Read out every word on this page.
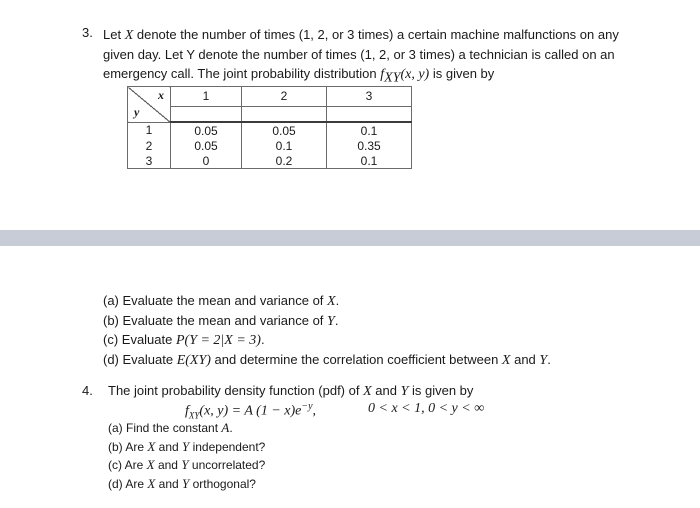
3. Let X denote the number of times (1, 2, or 3 times) a certain machine malfunctions on any
given day. Let Y denote the number of times (1, 2, or 3 times) a technician is called on an
emergency call. The joint probability distribution $f_{XY}(x$, y) is given by
x
y	1	2	3

1	0.05	0.05	0.1
2	0.05	0.1	0.35
3	0	0.2	0.1
(a) Evaluate the mean and variance of X.
(b) Evaluate the mean and variance of Y.
(c) Evaluate P(Y = 2|X = 3).
(d) Evaluate E(XY) and determine the correlation coefficient between X and Y.
4. The joint probability density function (pdf) of X and Y is given by
$f_{XY}(x$, y) = A $(1 - x)e^{-y}$,	0 < x < 1, 0 < y < ∞
(a) Find the constant A.
(b) Are X and Y independent?
(c) Are X and Y uncorrelated?
(d) Are X and Y orthogonal?
